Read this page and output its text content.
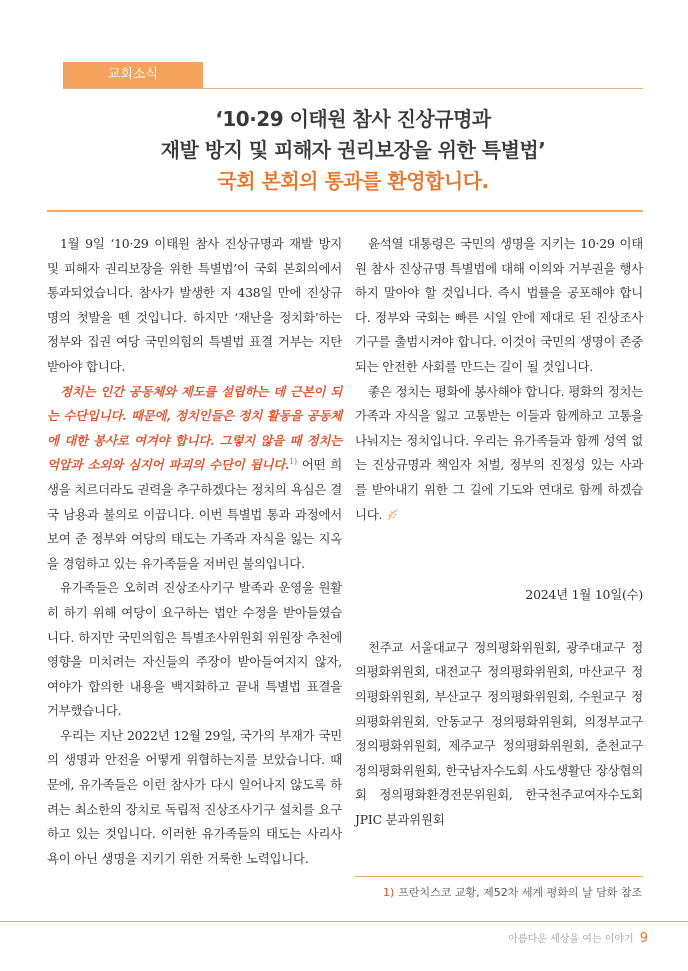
교회소식
‘10·29 이태원 참사 진상규명과
재발 방지 및 피해자 권리보장을 위한 특별법’
국회 본회의 통과를 환영합니다.

1월 9일 ‘10·29 이태원 참사 진상규명과 재발 방지 및 피해자 권리보장을 위한 특별법’이 국회 본회의에서 통과되었습니다. 참사가 발생한 지 438일 만에 진상규명의 첫발을 뗀 것입니다. 하지만 ‘재난을 정치화’하는 정부와 집권 여당 국민의힘의 특별법 표결 거부는 지탄받아야 합니다.

정치는 인간 공동체와 제도를 설립하는 데 근본이 되는 수단입니다. 때문에, 정치인들은 정치 활동을 공동체에 대한 봉사로 여겨야 합니다. 그렇지 않을 때 정치는 억압과 소외와 심지어 파괴의 수단이 됩니다.$^{1)}$ 어떤 희생을 치르더라도 권력을 추구하겠다는 정치의 욕심은 결국 남용과 불의로 이끕니다. 이번 특별법 통과 과정에서 보여 준 정부와 여당의 태도는 가족과 자식을 잃는 지옥을 경험하고 있는 유가족들을 저버린 불의입니다.

유가족들은 오히려 진상조사기구 발족과 운영을 원활히 하기 위해 여당이 요구하는 법안 수정을 받아들였습니다. 하지만 국민의힘은 특별조사위원회 위원장 추천에 영향을 미치려는 자신들의 주장이 받아들여지지 않자, 여야가 합의한 내용을 백지화하고 끝내 특별법 표결을 거부했습니다.

우리는 지난 2022년 12월 29일, 국가의 부재가 국민의 생명과 안전을 어떻게 위협하는지를 보았습니다. 때문에, 유가족들은 이런 참사가 다시 일어나지 않도록 하려는 최소한의 장치로 독립적 진상조사기구 설치를 요구하고 있는 것입니다. 이러한 유가족들의 태도는 사리사욕이 아닌 생명을 지키기 위한 거룩한 노력입니다.

윤석열 대통령은 국민의 생명을 지키는 10·29 이태원 참사 진상규명 특별법에 대해 이의와 거부권을 행사하지 말아야 할 것입니다. 즉시 법률을 공포해야 합니다. 정부와 국회는 빠른 시일 안에 제대로 된 진상조사기구를 출범시켜야 합니다. 이것이 국민의 생명이 존중되는 안전한 사회를 만드는 길이 될 것입니다.

좋은 정치는 평화에 봉사해야 합니다. 평화의 정치는 가족과 자식을 잃고 고통받는 이들과 함께하고 고통을 나눠지는 정치입니다. 우리는 유가족들과 함께 성역 없는 진상규명과 책임자 처벌, 정부의 진정성 있는 사과를 받아내기 위한 그 길에 기도와 연대로 함께 하겠습니다.

2024년 1월 10일(수)

천주교 서울대교구 정의평화위원회, 광주대교구 정의평화위원회, 대전교구 정의평화위원회, 마산교구 정의평화위원회, 부산교구 정의평화위원회, 수원교구 정의평화위원회, 안동교구 정의평화위원회, 의정부교구 정의평화위원회, 제주교구 정의평화위원회, 춘천교구 정의평화위원회, 한국남자수도회 사도생활단 장상협의회 정의평화환경전문위원회, 한국천주교여자수도회 JPIC 분과위원회

1) 프란치스코 교황, 제52차 세계 평화의 날 담화 참조
아름다운 세상을 여는 이야기 9
